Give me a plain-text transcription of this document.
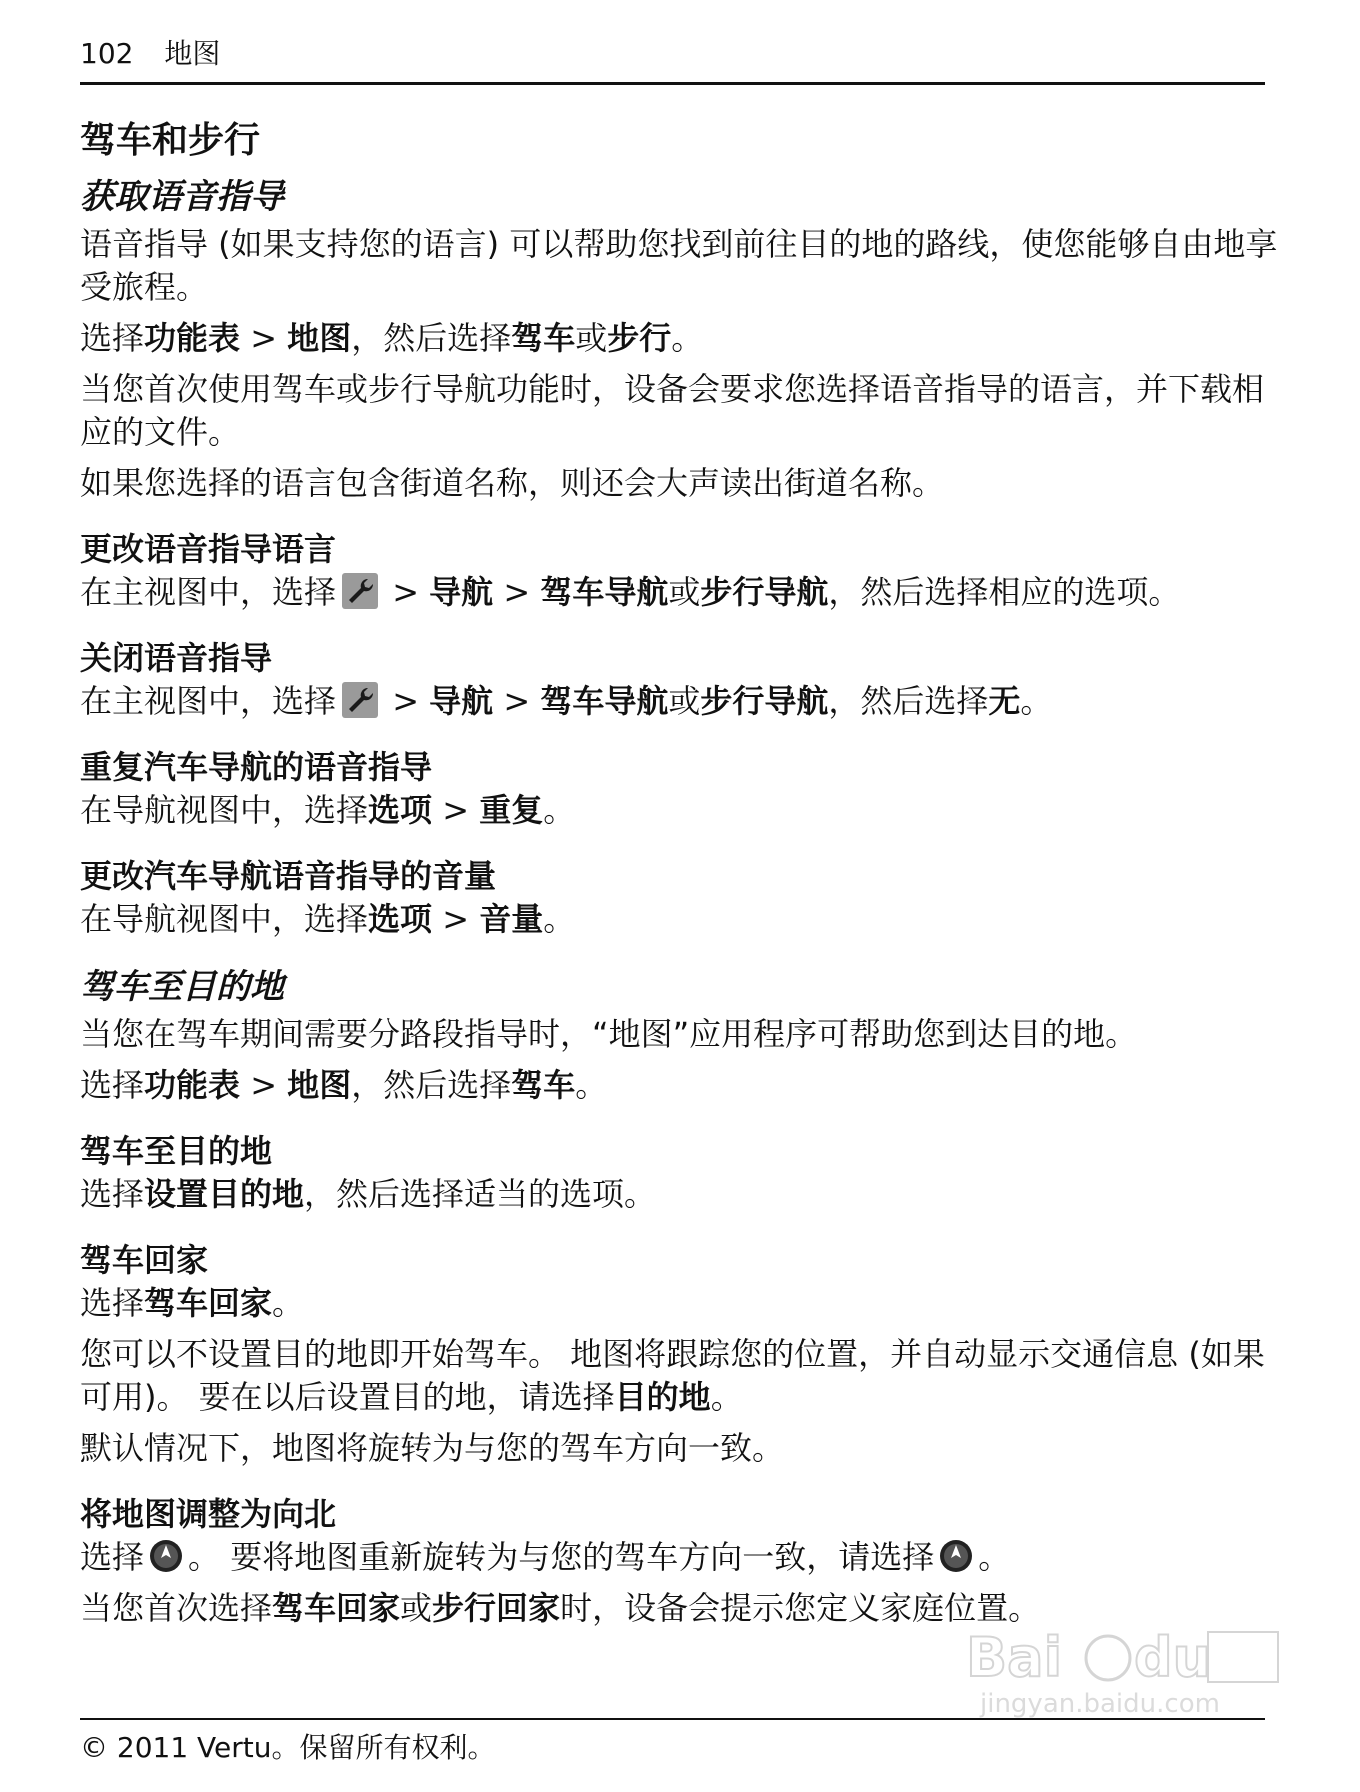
102 地图
驾车和步行
获取语音指导

语音指导 (如果支持您的语言) 可以帮助您找到前往目的地的路线，使您能够自由地享受旅程。

选择功能表 > 地图，然后选择驾车或步行。

当您首次使用驾车或步行导航功能时，设备会要求您选择语音指导的语言，并下载相应的文件。

如果您选择的语言包含街道名称，则还会大声读出街道名称。

更改语音指导语言

在主视图中，选择 > 导航 > 驾车导航或步行导航，然后选择相应的选项。

关闭语音指导

在主视图中，选择 > 导航 > 驾车导航或步行导航，然后选择无。

重复汽车导航的语音指导

在导航视图中，选择选项 > 重复。

更改汽车导航语音指导的音量

在导航视图中，选择选项 > 音量。

驾车至目的地

当您在驾车期间需要分路段指导时，“地图”应用程序可帮助您到达目的地。

选择功能表 > 地图，然后选择驾车。

驾车至目的地

选择设置目的地，然后选择适当的选项。

驾车回家

选择驾车回家。

您可以不设置目的地即开始驾车。 地图将跟踪您的位置，并自动显示交通信息 (如果可用)。 要在以后设置目的地，请选择目的地。

默认情况下，地图将旋转为与您的驾车方向一致。

将地图调整为向北

选择 。 要将地图重新旋转为与您的驾车方向一致，请选择 。

当您首次选择驾车回家或步行回家时，设备会提示您定义家庭位置。

Bai du
jingyan.baidu.com
© 2011 Vertu。保留所有权利。
